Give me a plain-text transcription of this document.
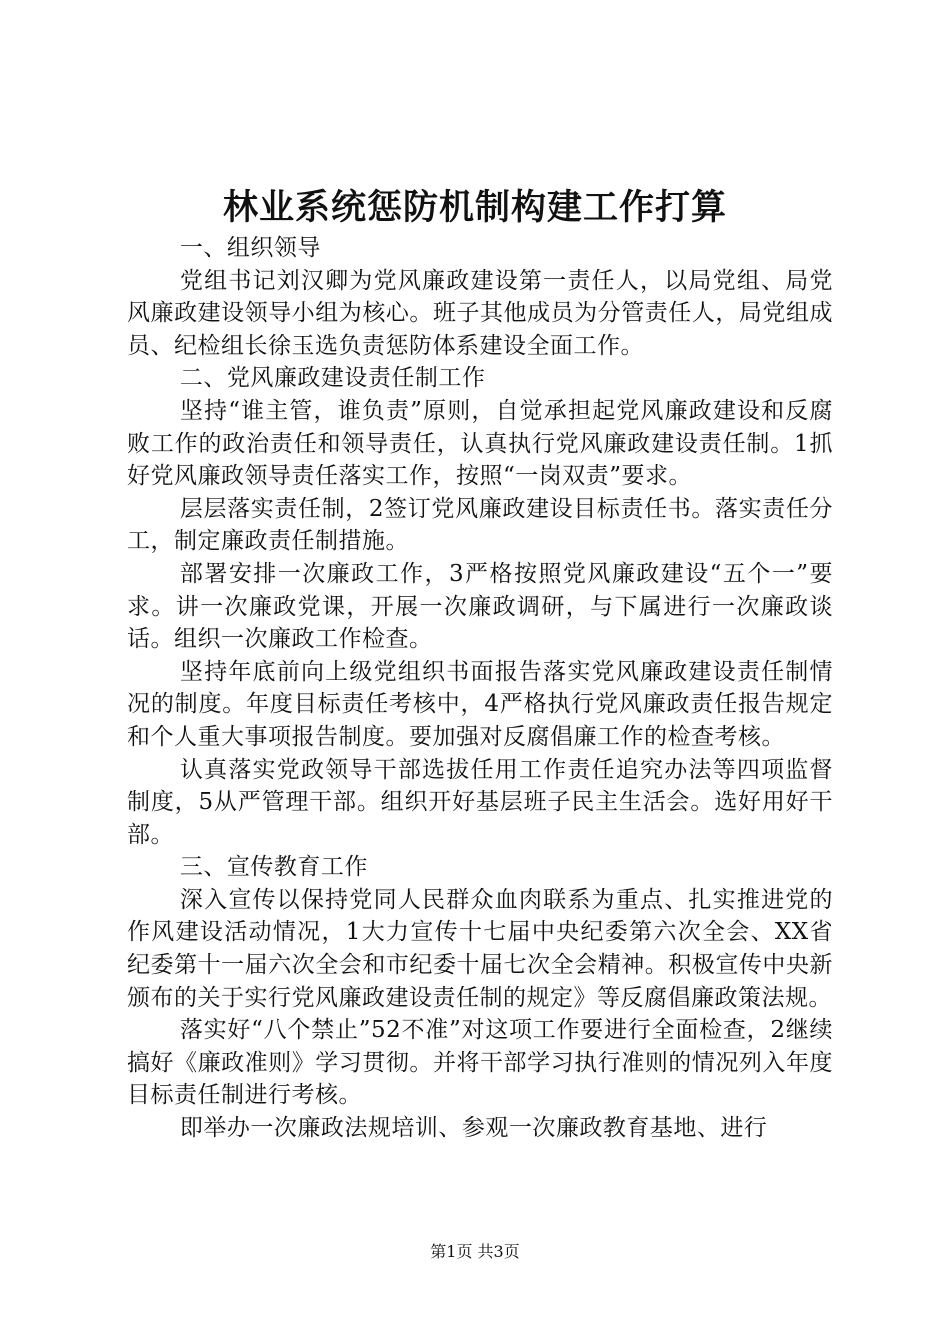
林业系统惩防机制构建工作打算

一、组织领导

党组书记刘汉卿为党风廉政建设第一责任人，以局党组、局党风廉政建设领导小组为核心。班子其他成员为分管责任人，局党组成员、纪检组长徐玉选负责惩防体系建设全面工作。

二、党风廉政建设责任制工作

坚持“谁主管，谁负责”原则，自觉承担起党风廉政建设和反腐败工作的政治责任和领导责任，认真执行党风廉政建设责任制。1抓好党风廉政领导责任落实工作，按照“一岗双责”要求。

层层落实责任制，2签订党风廉政建设目标责任书。落实责任分工，制定廉政责任制措施。

部署安排一次廉政工作，3严格按照党风廉政建设“五个一”要求。讲一次廉政党课，开展一次廉政调研，与下属进行一次廉政谈话。组织一次廉政工作检查。

坚持年底前向上级党组织书面报告落实党风廉政建设责任制情况的制度。年度目标责任考核中，4严格执行党风廉政责任报告规定和个人重大事项报告制度。要加强对反腐倡廉工作的检查考核。

认真落实党政领导干部选拔任用工作责任追究办法等四项监督制度，5从严管理干部。组织开好基层班子民主生活会。选好用好干部。

三、宣传教育工作

深入宣传以保持党同人民群众血肉联系为重点、扎实推进党的作风建设活动情况，1大力宣传十七届中央纪委第六次全会、XX省纪委第十一届六次全会和市纪委十届七次全会精神。积极宣传中央新颁布的关于实行党风廉政建设责任制的规定》等反腐倡廉政策法规。

落实好“八个禁止”52不准”对这项工作要进行全面检查，2继续搞好《廉政准则》学习贯彻。并将干部学习执行准则的情况列入年度目标责任制进行考核。

即举办一次廉政法规培训、参观一次廉政教育基地、进行

第1页 共3页
